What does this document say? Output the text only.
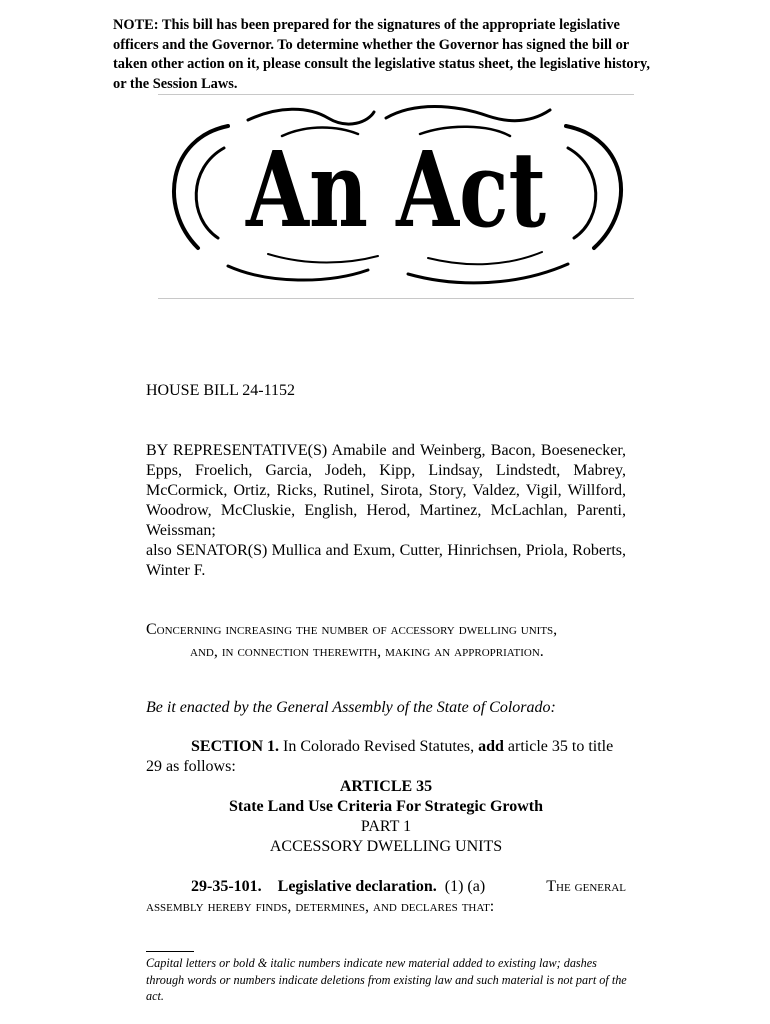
NOTE: This bill has been prepared for the signatures of the appropriate legislative officers and the Governor. To determine whether the Governor has signed the bill or taken other action on it, please consult the legislative status sheet, the legislative history, or the Session Laws.
An Act
HOUSE BILL 24-1152
BY REPRESENTATIVE(S) Amabile and Weinberg, Bacon, Boesenecker, Epps, Froelich, Garcia, Jodeh, Kipp, Lindsay, Lindstedt, Mabrey, McCormick, Ortiz, Ricks, Rutinel, Sirota, Story, Valdez, Vigil, Willford, Woodrow, McCluskie, English, Herod, Martinez, McLachlan, Parenti, Weissman;
also SENATOR(S) Mullica and Exum, Cutter, Hinrichsen, Priola, Roberts, Winter F.
Concerning increasing the number of accessory dwelling units,
and, in connection therewith, making an appropriation.
Be it enacted by the General Assembly of the State of Colorado:
SECTION 1. In Colorado Revised Statutes, add article 35 to title
29 as follows:
ARTICLE 35
State Land Use Criteria For Strategic Growth
PART 1
ACCESSORY DWELLING UNITS
29-35-101. Legislative declaration. (1) (a)	The general
assembly hereby finds, determines, and declares that:
Capital letters or bold & italic numbers indicate new material added to existing law; dashes through words or numbers indicate deletions from existing law and such material is not part of the act.
